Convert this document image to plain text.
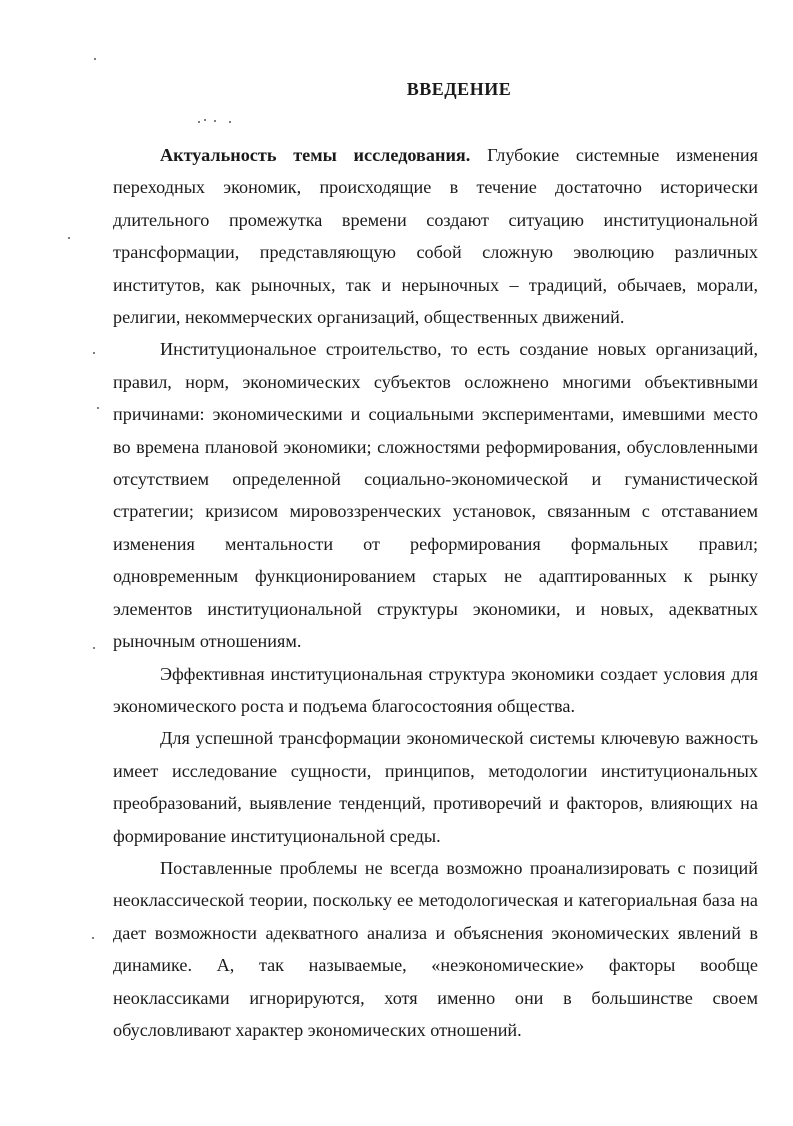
ВВЕДЕНИЕ

Актуальность темы исследования. Глубокие системные изменения переходных экономик, происходящие в течение достаточно исторически длительного промежутка времени создают ситуацию институциональной трансформации, представляющую собой сложную эволюцию различных институтов, как рыночных, так и нерыночных – традиций, обычаев, морали, религии, некоммерческих организаций, общественных движений.

Институциональное строительство, то есть создание новых организаций, правил, норм, экономических субъектов осложнено многими объективными причинами: экономическими и социальными экспериментами, имевшими место во времена плановой экономики; сложностями реформирования, обусловленными отсутствием определенной социально-экономической и гуманистической стратегии; кризисом мировоззренческих установок, связанным с отставанием изменения ментальности от реформирования формальных правил; одновременным функционированием старых не адаптированных к рынку элементов институциональной структуры экономики, и новых, адекватных рыночным отношениям.

Эффективная институциональная структура экономики создает условия для экономического роста и подъема благосостояния общества.

Для успешной трансформации экономической системы ключевую важность имеет исследование сущности, принципов, методологии институциональных преобразований, выявление тенденций, противоречий и факторов, влияющих на формирование институциональной среды.

Поставленные проблемы не всегда возможно проанализировать с позиций неоклассической теории, поскольку ее методологическая и категориальная база на дает возможности адекватного анализа и объяснения экономических явлений в динамике. А, так называемые, «неэкономические» факторы вообще неоклассиками игнорируются, хотя именно они в большинстве своем обусловливают характер экономических отношений.
